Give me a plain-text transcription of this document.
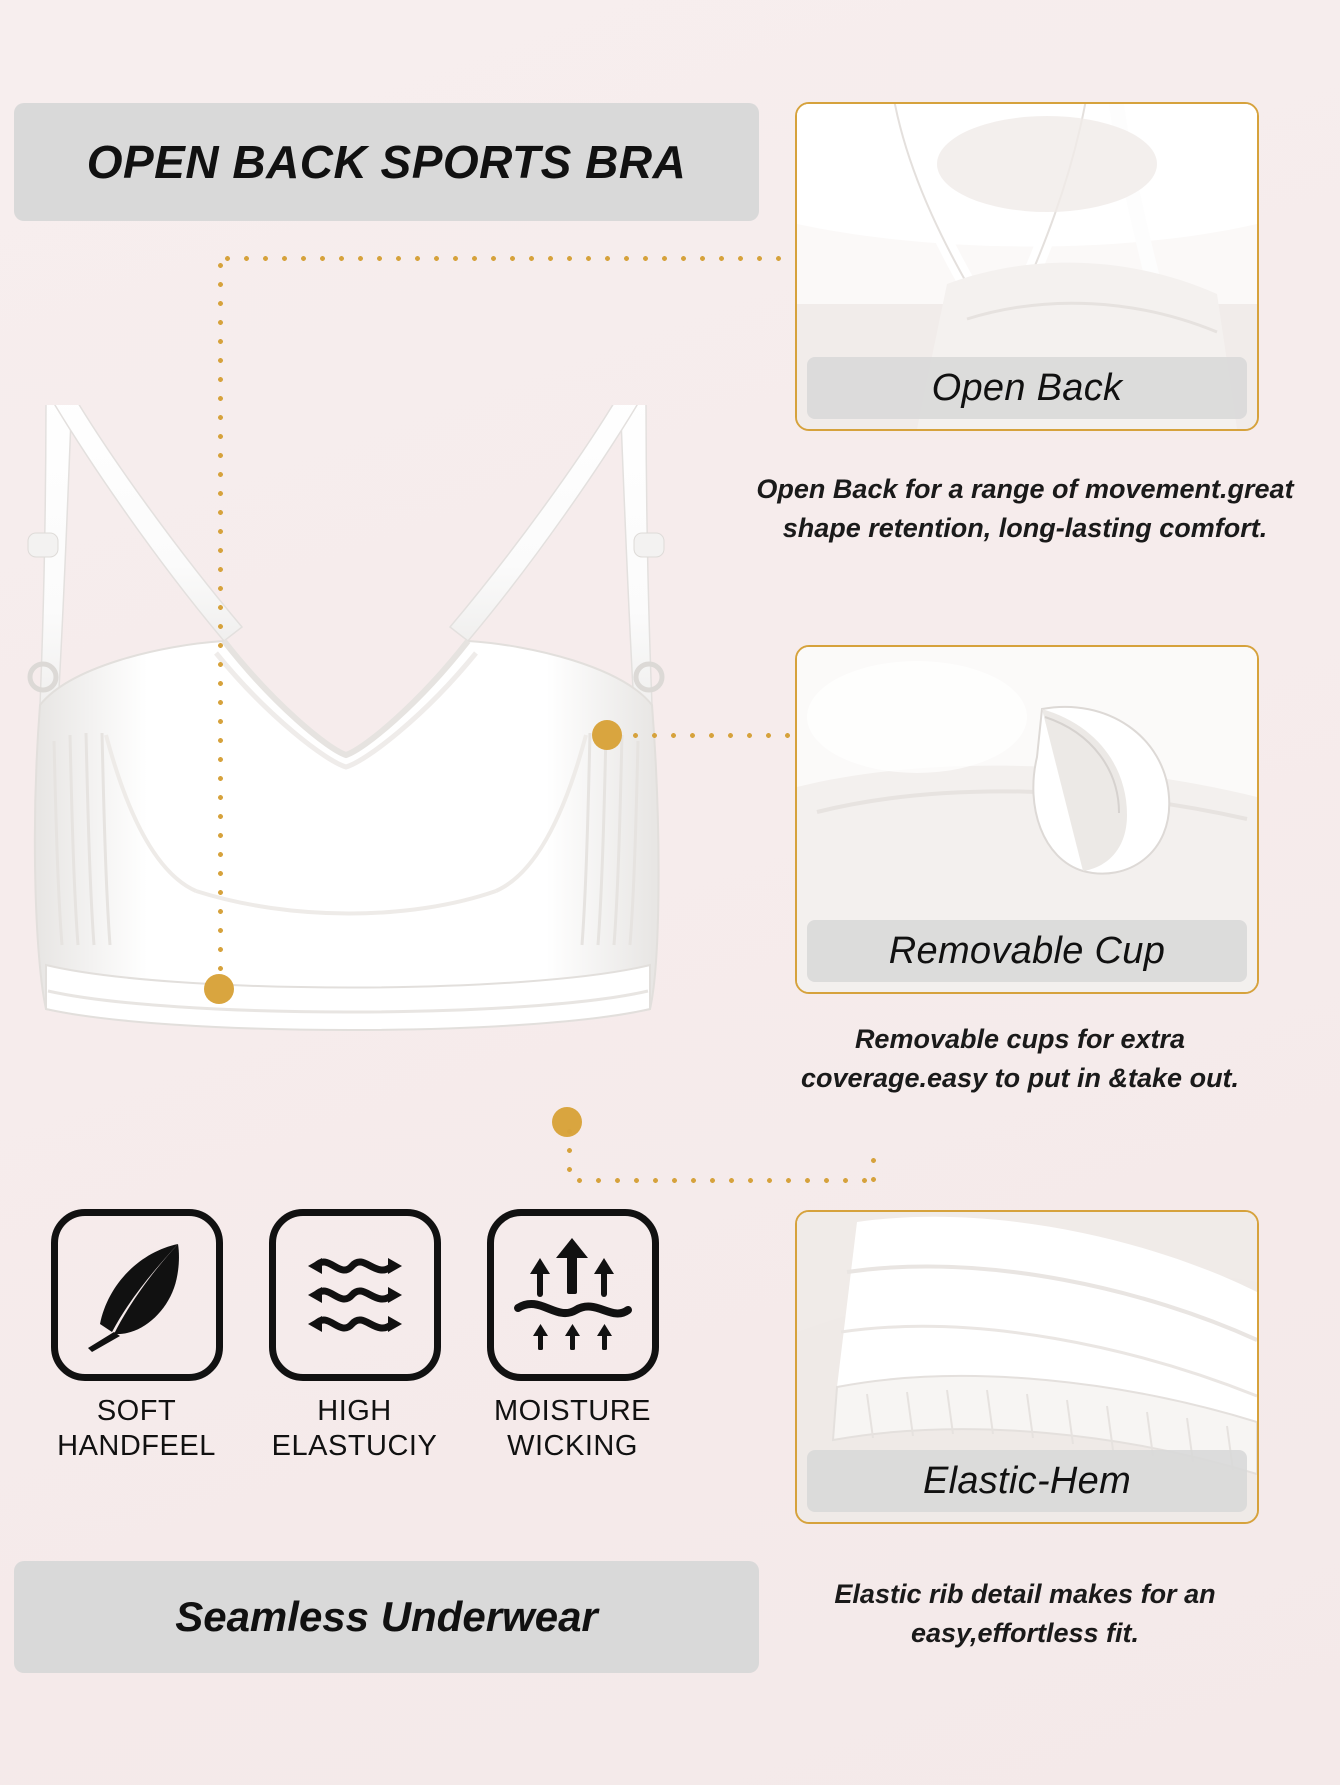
OPEN BACK SPORTS BRA
Open Back
Open Back for a range of movement.great shape retention, long-lasting comfort.
Removable Cup
Removable cups for extra coverage.easy to put in &take out.
Elastic-Hem
Elastic rib detail makes for an easy,effortless fit.
SOFT
HANDFEEL
HIGH
ELASTUCIY
MOISTURE
WICKING
Seamless Underwear
